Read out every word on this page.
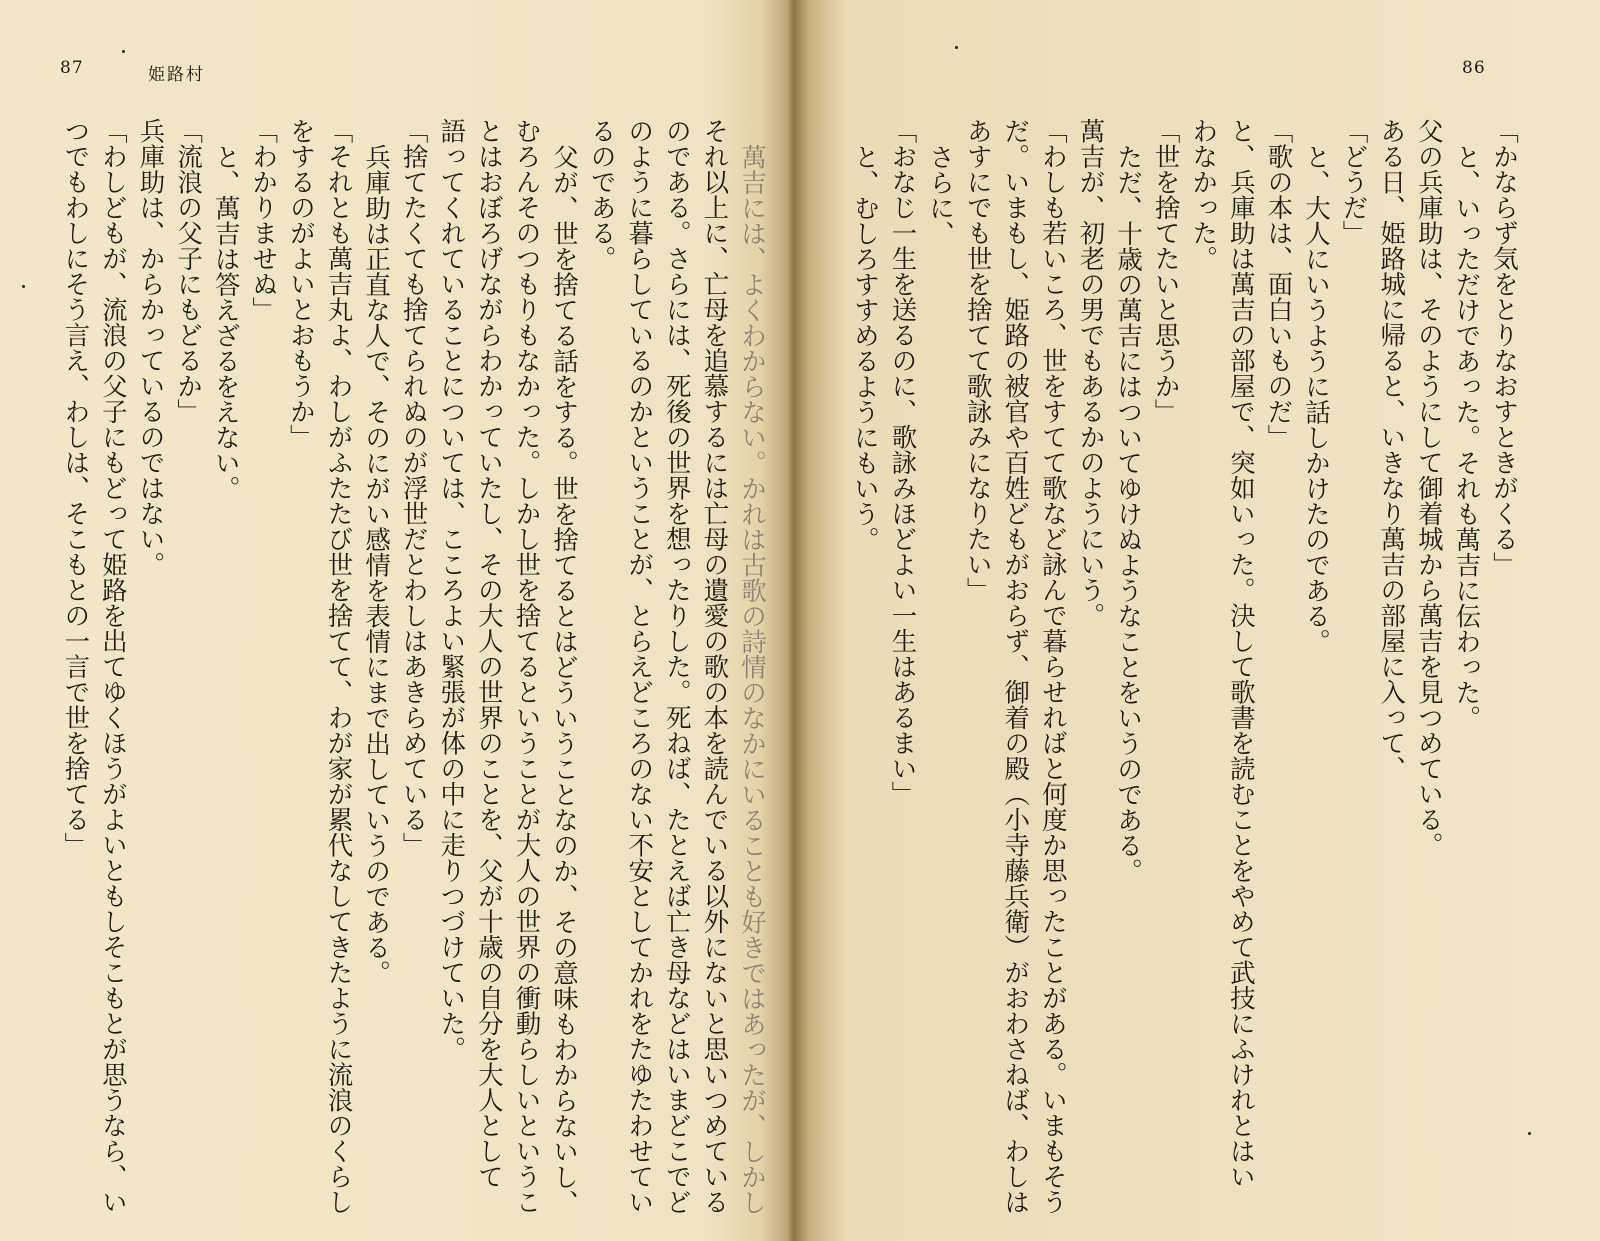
87	姫路村
萬吉には、よくわからない。かれは古歌の詩情のなかにいることも好きではあったが、しかし
それ以上に、亡母を追慕するには亡母の遺愛の歌の本を読んでいる以外にないと思いつめている
のである。さらには、死後の世界を想ったりした。死ねば、たとえば亡き母などはいまどこでど
のように暮らしているのかということが、とらえどころのない不安としてかれをたゆたわせてい
るのである。
父が、世を捨てる話をする。世を捨てるとはどういうことなのか、その意味もわからないし、
むろんそのつもりもなかった。しかし世を捨てるということが大人の世界の衝動らしいというこ
とはおぼろげながらわかっていたし、その大人の世界のことを、父が十歳の自分を大人として
語ってくれていることについては、こころよい緊張が体の中に走りつづけていた。
「捨てたくても捨てられぬのが浮世だとわしはあきらめている」
兵庫助は正直な人で、そのにがい感情を表情にまで出していうのである。
「それとも萬吉丸よ、わしがふたたび世を捨てて、わが家が累代なしてきたように流浪のくらし
をするのがよいとおもうか」
「わかりませぬ」
と、萬吉は答えざるをえない。
「流浪の父子にもどるか」
兵庫助は、からかっているのではない。
「わしどもが、流浪の父子にもどって姫路を出てゆくほうがよいともしそこもとが思うなら、い
つでもわしにそう言え、わしは、そこもとの一言で世を捨てる」
86
「かならず気をとりなおすときがくる」
と、いっただけであった。それも萬吉に伝わった。
父の兵庫助は、そのようにして御着城から萬吉を見つめている。
ある日、姫路城に帰ると、いきなり萬吉の部屋に入って、
「どうだ」
と、大人にいうように話しかけたのである。
「歌の本は、面白いものだ」
と、兵庫助は萬吉の部屋で、突如いった。決して歌書を読むことをやめて武技にふけれとはい
わなかった。
「世を捨てたいと思うか」
ただ、十歳の萬吉にはついてゆけぬようなことをいうのである。
萬吉が、初老の男でもあるかのようにいう。
「わしも若いころ、世をすてて歌など詠んで暮らせればと何度か思ったことがある。いまもそう
だ。いまもし、姫路の被官や百姓どもがおらず、御着の殿（小寺藤兵衛）がおわさねば、わしは
あすにでも世を捨てて歌詠みになりたい」
さらに、
「おなじ一生を送るのに、歌詠みほどよい一生はあるまい」
と、むしろすすめるようにもいう。
